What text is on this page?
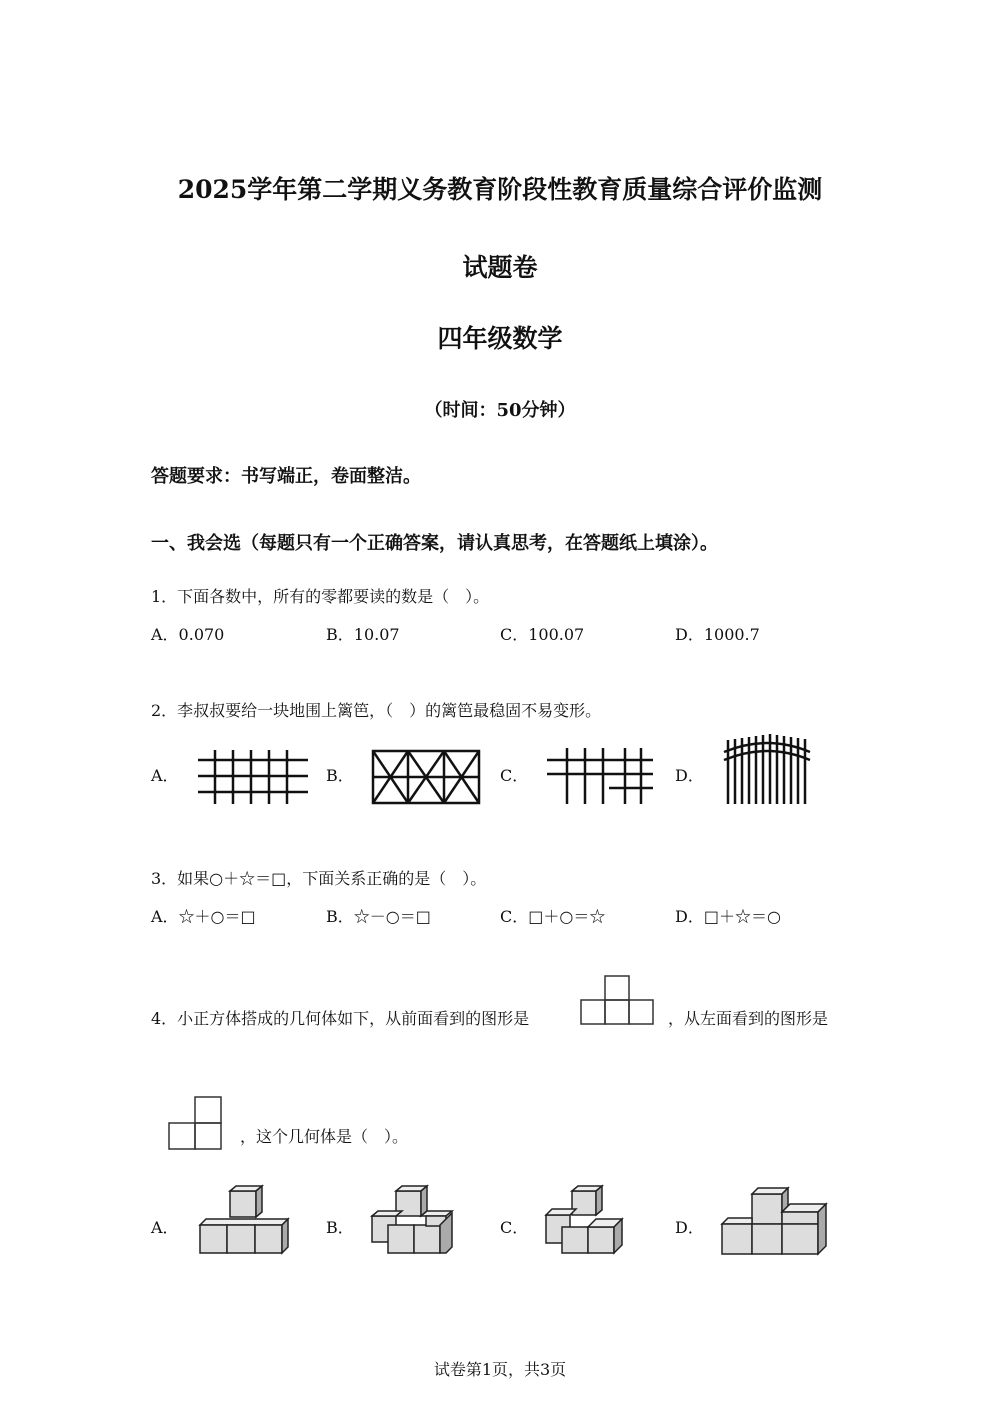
2025学年第二学期义务教育阶段性教育质量综合评价监测
试题卷
四年级数学
（时间：50分钟）
答题要求：书写端正，卷面整洁。
一、我会选（每题只有一个正确答案，请认真思考，在答题纸上填涂）。
1．下面各数中，所有的零都要读的数是（　）。
A．0.070	B．10.07	C．100.07	D．1000.7
2．李叔叔要给一块地围上篱笆，（　）的篱笆最稳固不易变形。
A．	B．	C．	D．
3．如果○＋☆＝□，下面关系正确的是（　）。
A．☆＋○＝□	B．☆－○＝□	C．□＋○＝☆	D．□＋☆＝○
4．小正方体搭成的几何体如下，从前面看到的图形是	，从左面看到的图形是
，这个几何体是（　）。
A．	B．	C．	D．
试卷第1页，共3页
